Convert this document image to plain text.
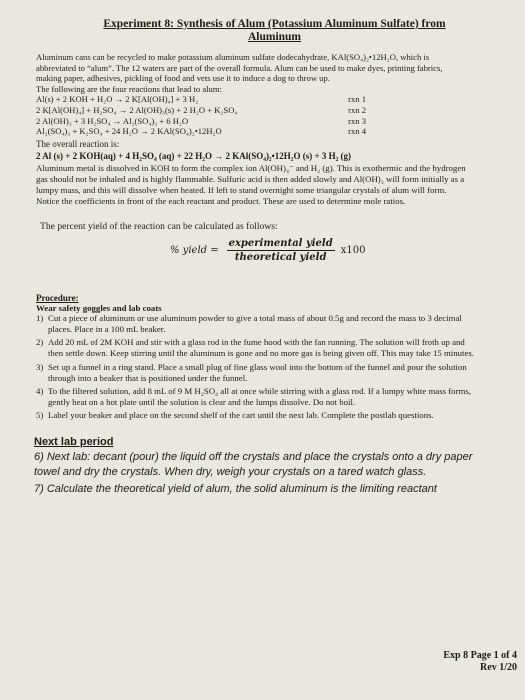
Experiment 8: Synthesis of Alum (Potassium Aluminum Sulfate) from
Aluminum
Aluminum cans can be recycled to make potassium aluminum sulfate dodecahydrate, KAl(SO₄)₂•12H₂O, which is abbreviated to “alum”. The 12 waters are part of the overall formula. Alum can be used to make dyes, printing fabrics, making paper, adhesives, pickling of food and vets use it to induce a dog to throw up.
The following are the four reactions that lead to alum:
Al(s) + 2 KOH + H₂O → 2 K[Al(OH)₄] + 3 H₂	rxn 1
2 K[Al(OH)₄] + H₂SO₄ → 2 Al(OH)₃(s) + 2 H₂O + K₂SO₄	rxn 2
2 Al(OH)₃ + 3 H₂SO₄ → Al₂(SO₄)₃ + 6 H₂O	rxn 3
Al₂(SO₄)₃ + K₂SO₄ + 24 H₂O → 2 KAl(SO₄)₂•12H₂O	rxn 4
The overall reaction is:
2 Al (s) + 2 KOH(aq) + 4 H₂SO₄ (aq) + 22 H₂O → 2 KAl(SO₄)₂•12H₂O (s) + 3 H₂ (g)
Aluminum metal is dissolved in KOH to form the complex ion Al(OH)₄⁻ and H₂ (g). This is exothermic and the hydrogen gas should not be inhaled and is highly flammable. Sulfuric acid is then added slowly and Al(OH)₃ will form initially as a lumpy mass, and this will dissolve when heated. If left to stand overnight some triangular crystals of alum will form. Notice the coefficients in front of the each reactant and product. These are used to determine mole ratios.
The percent yield of the reaction can be calculated as follows:
% yield = $\frac{\text{experimental yield}}{\text{theoretical yield}} x100$
Procedure:
Wear safety goggles and lab coats
1) Cut a piece of aluminum or use aluminum powder to give a total mass of about 0.5g and record the mass to 3 decimal places. Place in a 100 mL beaker.
2) Add 20 mL of 2M KOH and stir with a glass rod in the fume hood with the fan running. The solution will froth up and then settle down. Keep stirring until the aluminum is gone and no more gas is being given off. This may take 15 minutes.
3) Set up a funnel in a ring stand. Place a small plug of fine glass wool into the bottom of the funnel and pour the solution through into a beaker that is positioned under the funnel.
4) To the filtered solution, add 8 mL of 9 M H₂SO₄ all at once while stirring with a glass rod. If a lumpy white mass forms, gently heat on a hot plate until the solution is clear and the lumps dissolve. Do not boil.
5) Label your beaker and place on the second shelf of the cart until the next lab. Complete the postlab questions.
Next lab period
6) Next lab: decant (pour) the liquid off the crystals and place the crystals onto a dry paper towel and dry the crystals. When dry, weigh your crystals on a tared watch glass.
7) Calculate the theoretical yield of alum, the solid aluminum is the limiting reactant
Exp 8 Page 1 of 4
Rev 1/20
